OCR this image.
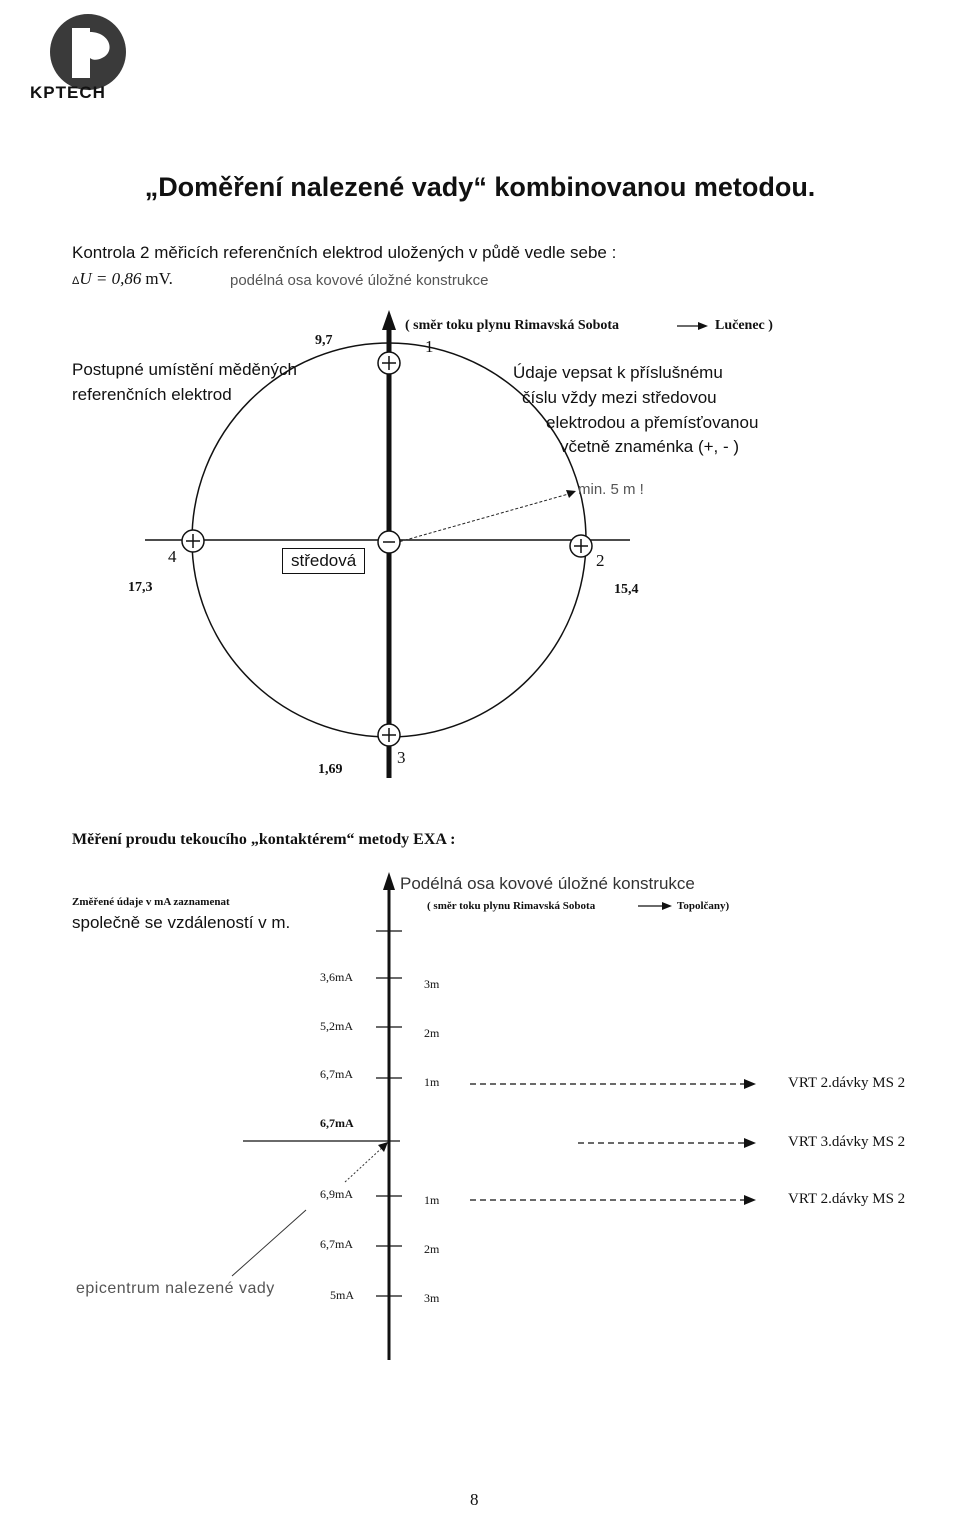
KPTECH
„Doměření nalezené vady“ kombinovanou metodou.
Kontrola 2 měřicích referenčních elektrod uložených v půdě vedle sebe :
ΔU = 0,86 mV.	podélná osa kovové úložné konstrukce
( směr toku plynu Rimavská Sobota	Lučenec )
9,7	1
Postupné umístění měděných
referenčních elektrod
Údaje vepsat k příslušnému
číslu vždy mezi středovou
elektrodou a přemísťovanou
včetně znaménka (+, - )
min. 5 m !
středová
4
17,3
2
15,4
3
1,69
Měření proudu tekoucího „kontaktérem“ metody EXA :
Změřené údaje v mA zaznamenat
společně se vzdáleností v m.
Podélná osa kovové úložné konstrukce
( směr toku plynu Rimavská Sobota	Topolčany)
3,6mA
5,2mA
6,7mA
6,7mA
6,9mA
6,7mA
5mA
3m
2m
1m
1m
2m
3m
VRT 2.dávky MS 2
VRT 3.dávky MS 2
VRT 2.dávky MS 2
epicentrum nalezené vady
8
